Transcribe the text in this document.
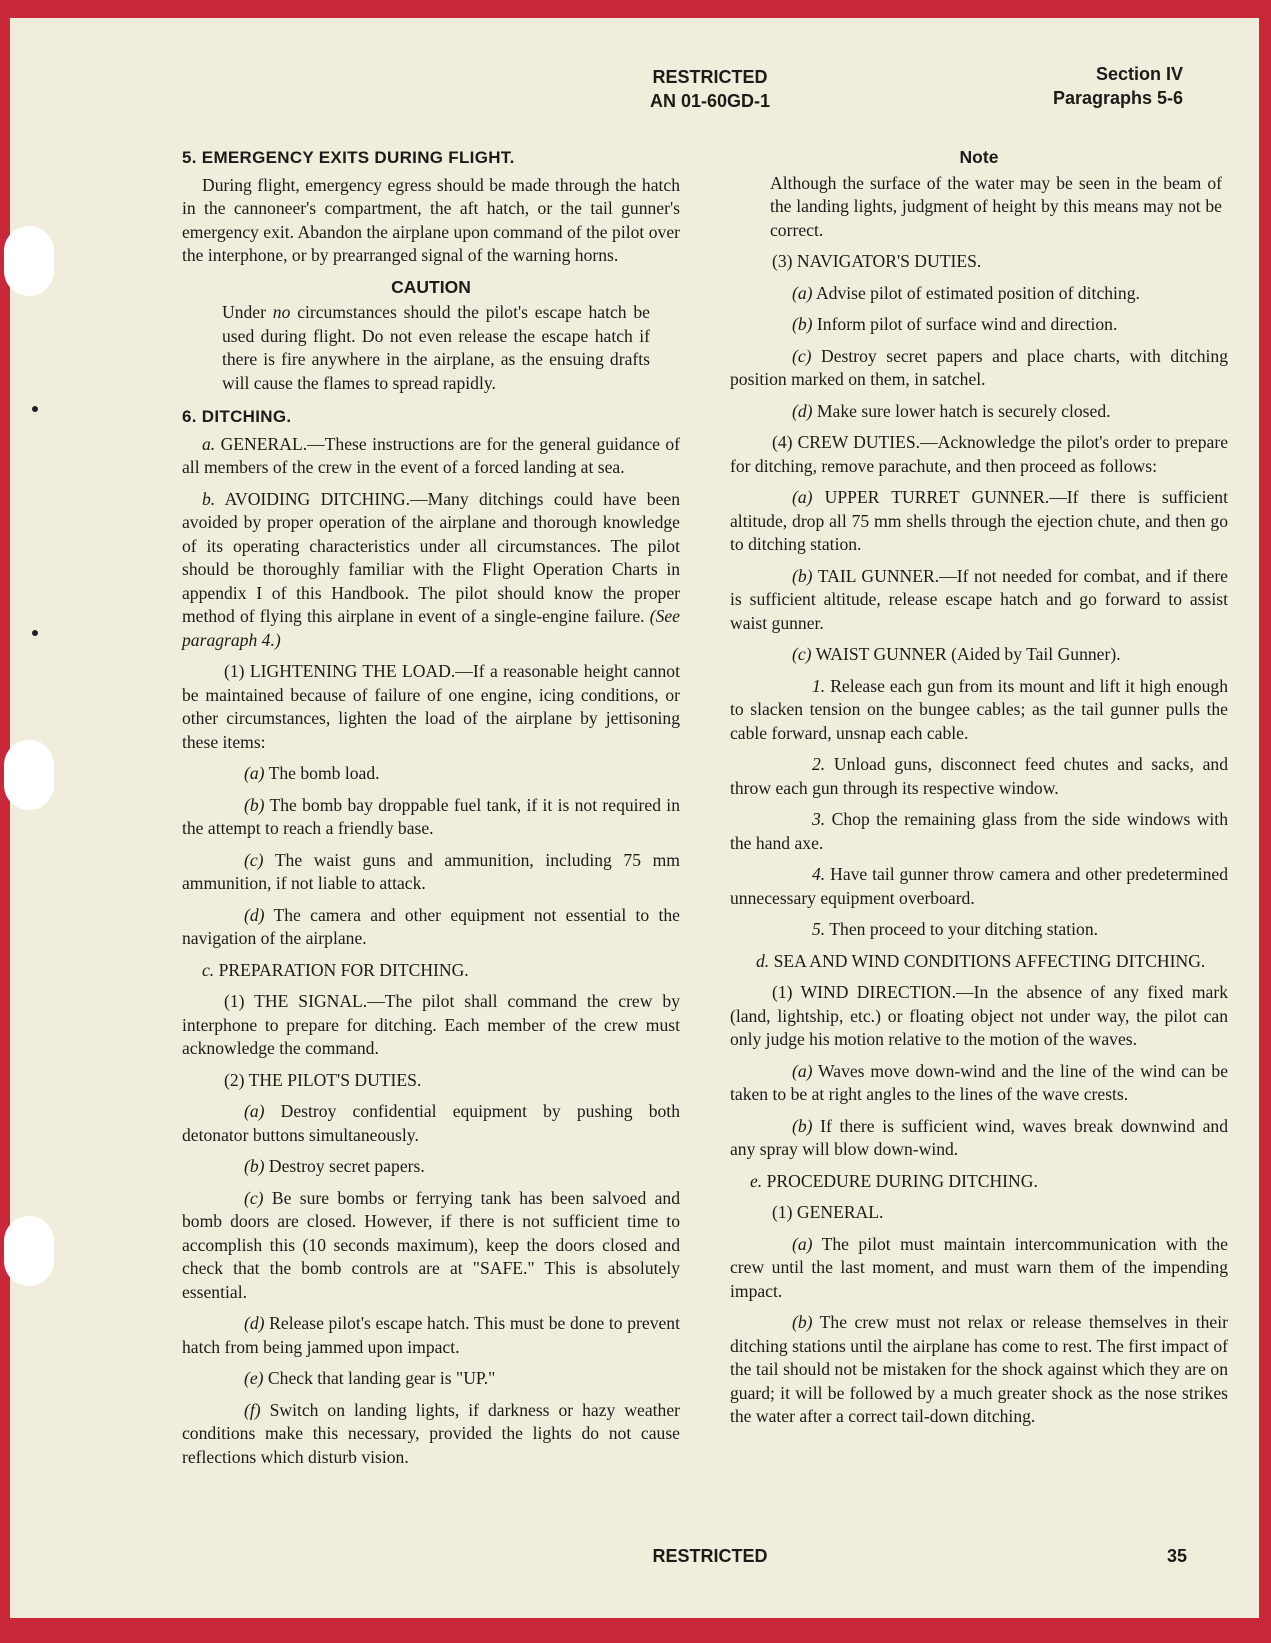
RESTRICTED
AN 01-60GD-1
Section IV
Paragraphs 5-6
5. EMERGENCY EXITS DURING FLIGHT.

During flight, emergency egress should be made through the hatch in the cannoneer's compartment, the aft hatch, or the tail gunner's emergency exit. Abandon the airplane upon command of the pilot over the interphone, or by prearranged signal of the warning horns.

CAUTION

Under no circumstances should the pilot's escape hatch be used during flight. Do not even release the escape hatch if there is fire anywhere in the airplane, as the ensuing drafts will cause the flames to spread rapidly.

6. DITCHING.

a. GENERAL.—These instructions are for the general guidance of all members of the crew in the event of a forced landing at sea.

b. AVOIDING DITCHING.—Many ditchings could have been avoided by proper operation of the airplane and thorough knowledge of its operating characteristics under all circumstances. The pilot should be thoroughly familiar with the Flight Operation Charts in appendix I of this Handbook. The pilot should know the proper method of flying this airplane in event of a single-engine failure. (See paragraph 4.)

(1) LIGHTENING THE LOAD.—If a reasonable height cannot be maintained because of failure of one engine, icing conditions, or other circumstances, lighten the load of the airplane by jettisoning these items:

(a) The bomb load.

(b) The bomb bay droppable fuel tank, if it is not required in the attempt to reach a friendly base.

(c) The waist guns and ammunition, including 75 mm ammunition, if not liable to attack.

(d) The camera and other equipment not essential to the navigation of the airplane.

c. PREPARATION FOR DITCHING.

(1) THE SIGNAL.—The pilot shall command the crew by interphone to prepare for ditching. Each member of the crew must acknowledge the command.

(2) THE PILOT'S DUTIES.

(a) Destroy confidential equipment by pushing both detonator buttons simultaneously.

(b) Destroy secret papers.

(c) Be sure bombs or ferrying tank has been salvoed and bomb doors are closed. However, if there is not sufficient time to accomplish this (10 seconds maximum), keep the doors closed and check that the bomb controls are at "SAFE." This is absolutely essential.

(d) Release pilot's escape hatch. This must be done to prevent hatch from being jammed upon impact.

(e) Check that landing gear is "UP."

(f) Switch on landing lights, if darkness or hazy weather conditions make this necessary, provided the lights do not cause reflections which disturb vision.

Note

Although the surface of the water may be seen in the beam of the landing lights, judgment of height by this means may not be correct.

(3) NAVIGATOR'S DUTIES.

(a) Advise pilot of estimated position of ditching.

(b) Inform pilot of surface wind and direction.

(c) Destroy secret papers and place charts, with ditching position marked on them, in satchel.

(d) Make sure lower hatch is securely closed.

(4) CREW DUTIES.—Acknowledge the pilot's order to prepare for ditching, remove parachute, and then proceed as follows:

(a) UPPER TURRET GUNNER.—If there is sufficient altitude, drop all 75 mm shells through the ejection chute, and then go to ditching station.

(b) TAIL GUNNER.—If not needed for combat, and if there is sufficient altitude, release escape hatch and go forward to assist waist gunner.

(c) WAIST GUNNER (Aided by Tail Gunner).

1. Release each gun from its mount and lift it high enough to slacken tension on the bungee cables; as the tail gunner pulls the cable forward, unsnap each cable.

2. Unload guns, disconnect feed chutes and sacks, and throw each gun through its respective window.

3. Chop the remaining glass from the side windows with the hand axe.

4. Have tail gunner throw camera and other predetermined unnecessary equipment overboard.

5. Then proceed to your ditching station.

d. SEA AND WIND CONDITIONS AFFECTING DITCHING.

(1) WIND DIRECTION.—In the absence of any fixed mark (land, lightship, etc.) or floating object not under way, the pilot can only judge his motion relative to the motion of the waves.

(a) Waves move down-wind and the line of the wind can be taken to be at right angles to the lines of the wave crests.

(b) If there is sufficient wind, waves break downwind and any spray will blow down-wind.

e. PROCEDURE DURING DITCHING.

(1) GENERAL.

(a) The pilot must maintain intercommunication with the crew until the last moment, and must warn them of the impending impact.

(b) The crew must not relax or release themselves in their ditching stations until the airplane has come to rest. The first impact of the tail should not be mistaken for the shock against which they are on guard; it will be followed by a much greater shock as the nose strikes the water after a correct tail-down ditching.

RESTRICTED	35
